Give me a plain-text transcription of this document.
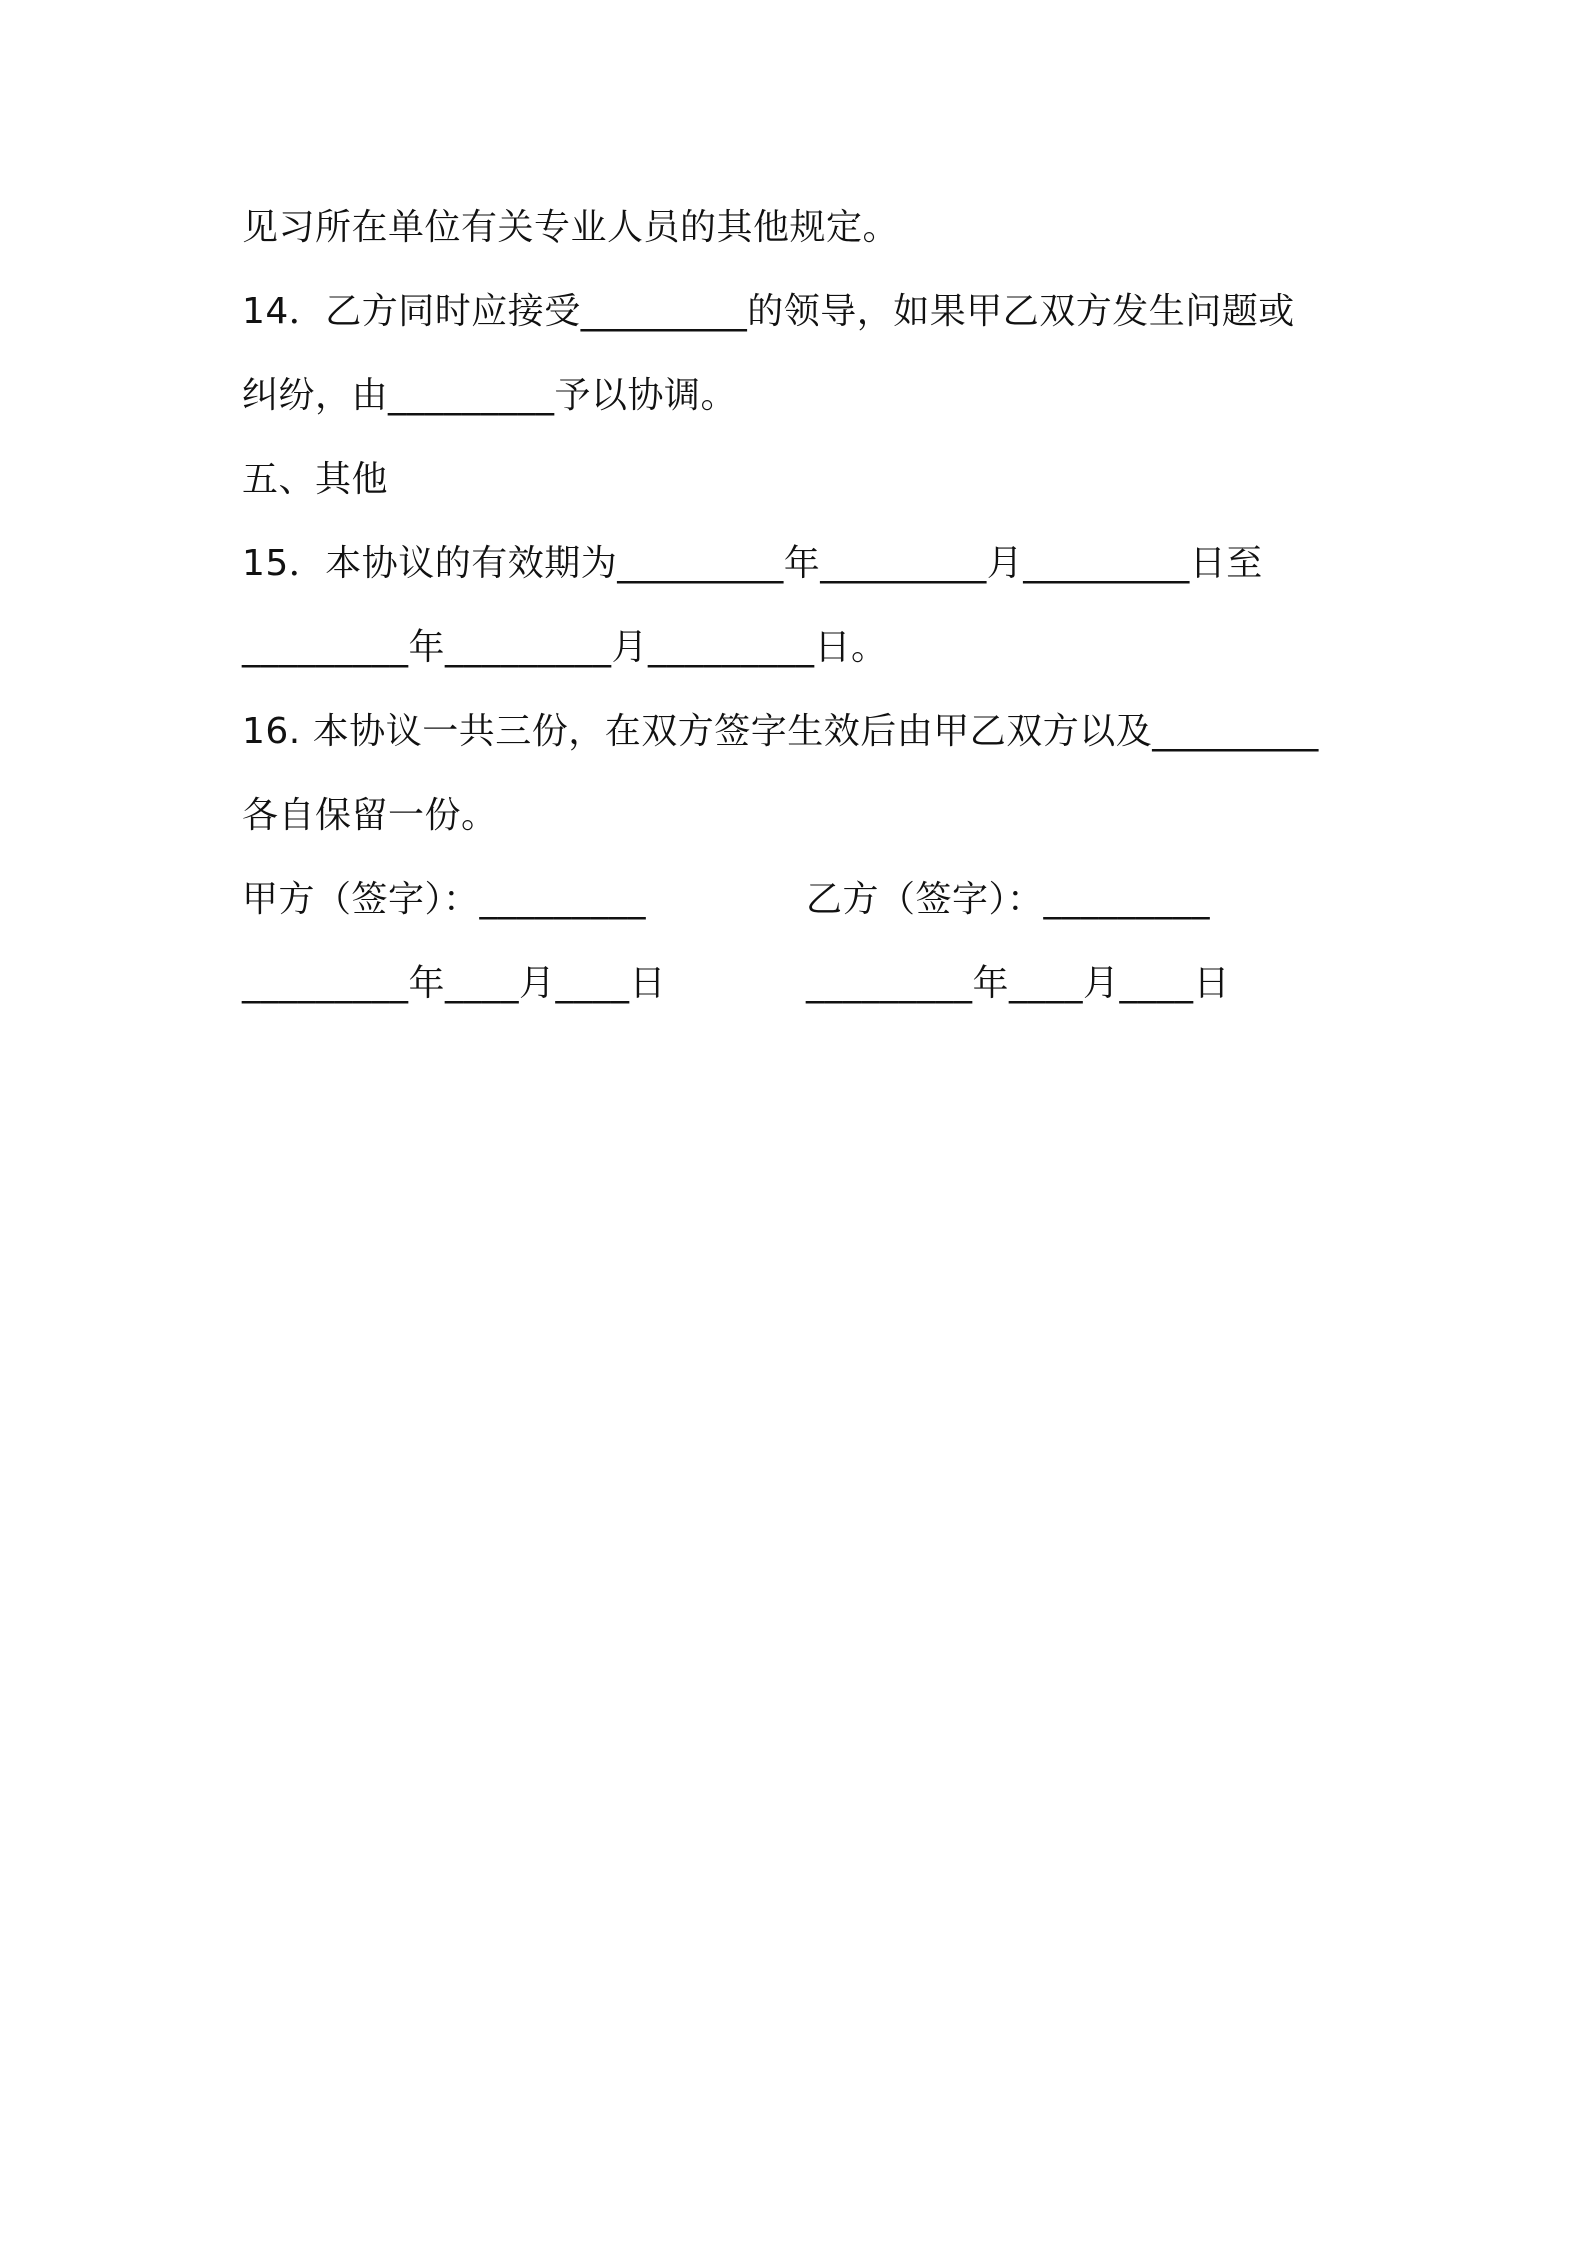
见习所在单位有关专业人员的其他规定。
14．乙方同时应接受_________的领导，如果甲乙双方发生问题或
纠纷，由_________予以协调。
五、其他
15．本协议的有效期为_________年_________月_________日至
_________年_________月_________日。
16. 本协议一共三份，在双方签字生效后由甲乙双方以及_________
各自保留一份。
甲方（签字）：_________	乙方（签字）：_________
_________年____月____日	_________年____月____日
